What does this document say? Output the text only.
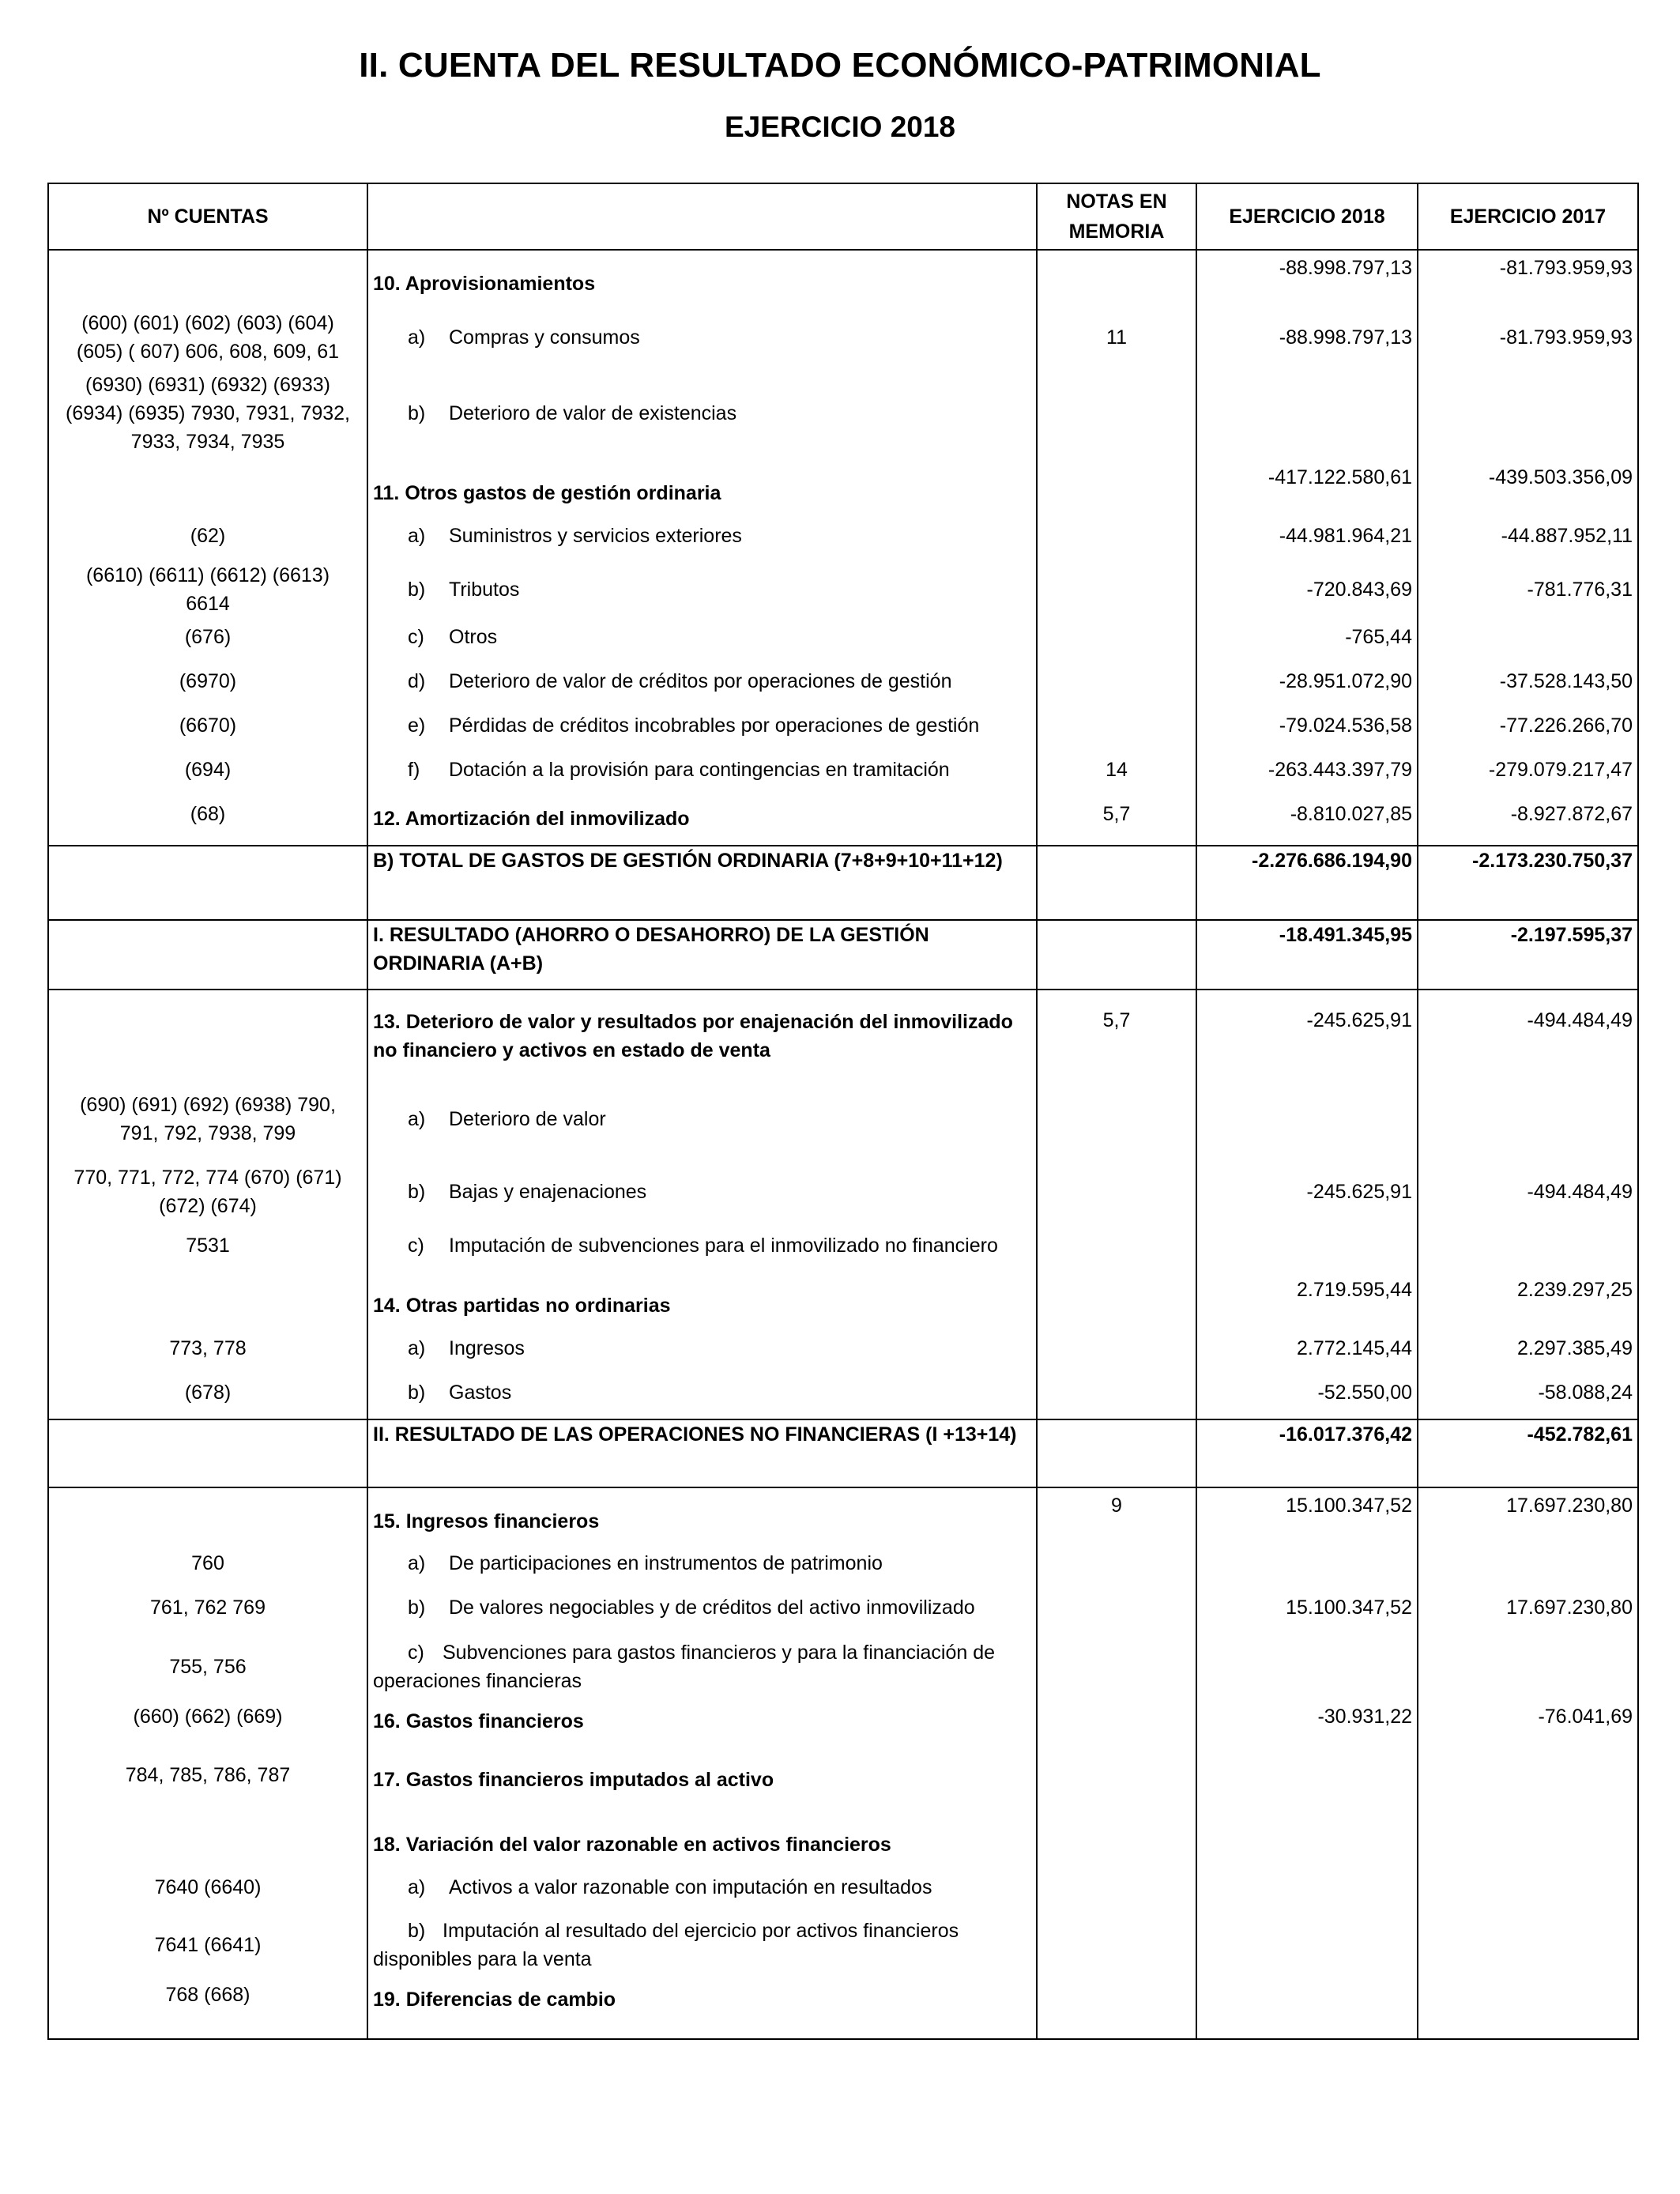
II. CUENTA DEL RESULTADO ECONÓMICO-PATRIMONIAL
EJERCICIO 2018
Nº CUENTAS		NOTAS EN MEMORIA	EJERCICIO 2018	EJERCICIO 2017
	10. Aprovisionamientos		-88.998.797,13	-81.793.959,93
(600) (601) (602) (603) (604) (605) ( 607) 606, 608, 609, 61	a) Compras y consumos	11	-88.998.797,13	-81.793.959,93
(6930) (6931) (6932) (6933) (6934) (6935) 7930, 7931, 7932, 7933, 7934, 7935	b) Deterioro de valor de existencias			
	11. Otros gastos de gestión ordinaria		-417.122.580,61	-439.503.356,09
(62)	a) Suministros y servicios exteriores		-44.981.964,21	-44.887.952,11
(6610) (6611) (6612) (6613) 6614	b) Tributos		-720.843,69	-781.776,31
(676)	c) Otros		-765,44	
(6970)	d) Deterioro de valor de créditos por operaciones de gestión		-28.951.072,90	-37.528.143,50
(6670)	e) Pérdidas de créditos incobrables por operaciones de gestión		-79.024.536,58	-77.226.266,70
(694)	f) Dotación a la provisión para contingencias en tramitación	14	-263.443.397,79	-279.079.217,47
(68)	12. Amortización del inmovilizado	5,7	-8.810.027,85	-8.927.872,67
	B) TOTAL DE GASTOS DE GESTIÓN ORDINARIA (7+8+9+10+11+12)		-2.276.686.194,90	-2.173.230.750,37
	I. RESULTADO (AHORRO O DESAHORRO) DE LA GESTIÓN ORDINARIA (A+B)		-18.491.345,95	-2.197.595,37
	13. Deterioro de valor y resultados por enajenación del inmovilizado no financiero y activos en estado de venta	5,7	-245.625,91	-494.484,49
(690) (691) (692) (6938) 790, 791, 792, 7938, 799	a) Deterioro de valor			
770, 771, 772, 774 (670) (671) (672) (674)	b) Bajas y enajenaciones		-245.625,91	-494.484,49
7531	c) Imputación de subvenciones para el inmovilizado no financiero			
	14. Otras partidas no ordinarias		2.719.595,44	2.239.297,25
773, 778	a) Ingresos		2.772.145,44	2.297.385,49
(678)	b) Gastos		-52.550,00	-58.088,24
	II. RESULTADO DE LAS OPERACIONES NO FINANCIERAS (I +13+14)		-16.017.376,42	-452.782,61
	15. Ingresos financieros	9	15.100.347,52	17.697.230,80
760	a) De participaciones en instrumentos de patrimonio			
761, 762 769	b) De valores negociables y de créditos del activo inmovilizado		15.100.347,52	17.697.230,80
755, 756	c) Subvenciones para gastos financieros y para la financiación de operaciones financieras			
(660) (662) (669)	16. Gastos financieros		-30.931,22	-76.041,69
784, 785, 786, 787	17. Gastos financieros imputados al activo			
	18. Variación del valor razonable en activos financieros			
7640 (6640)	a) Activos a valor razonable con imputación en resultados			
7641 (6641)	b) Imputación al resultado del ejercicio por activos financieros disponibles para la venta			
768 (668)	19. Diferencias de cambio			
